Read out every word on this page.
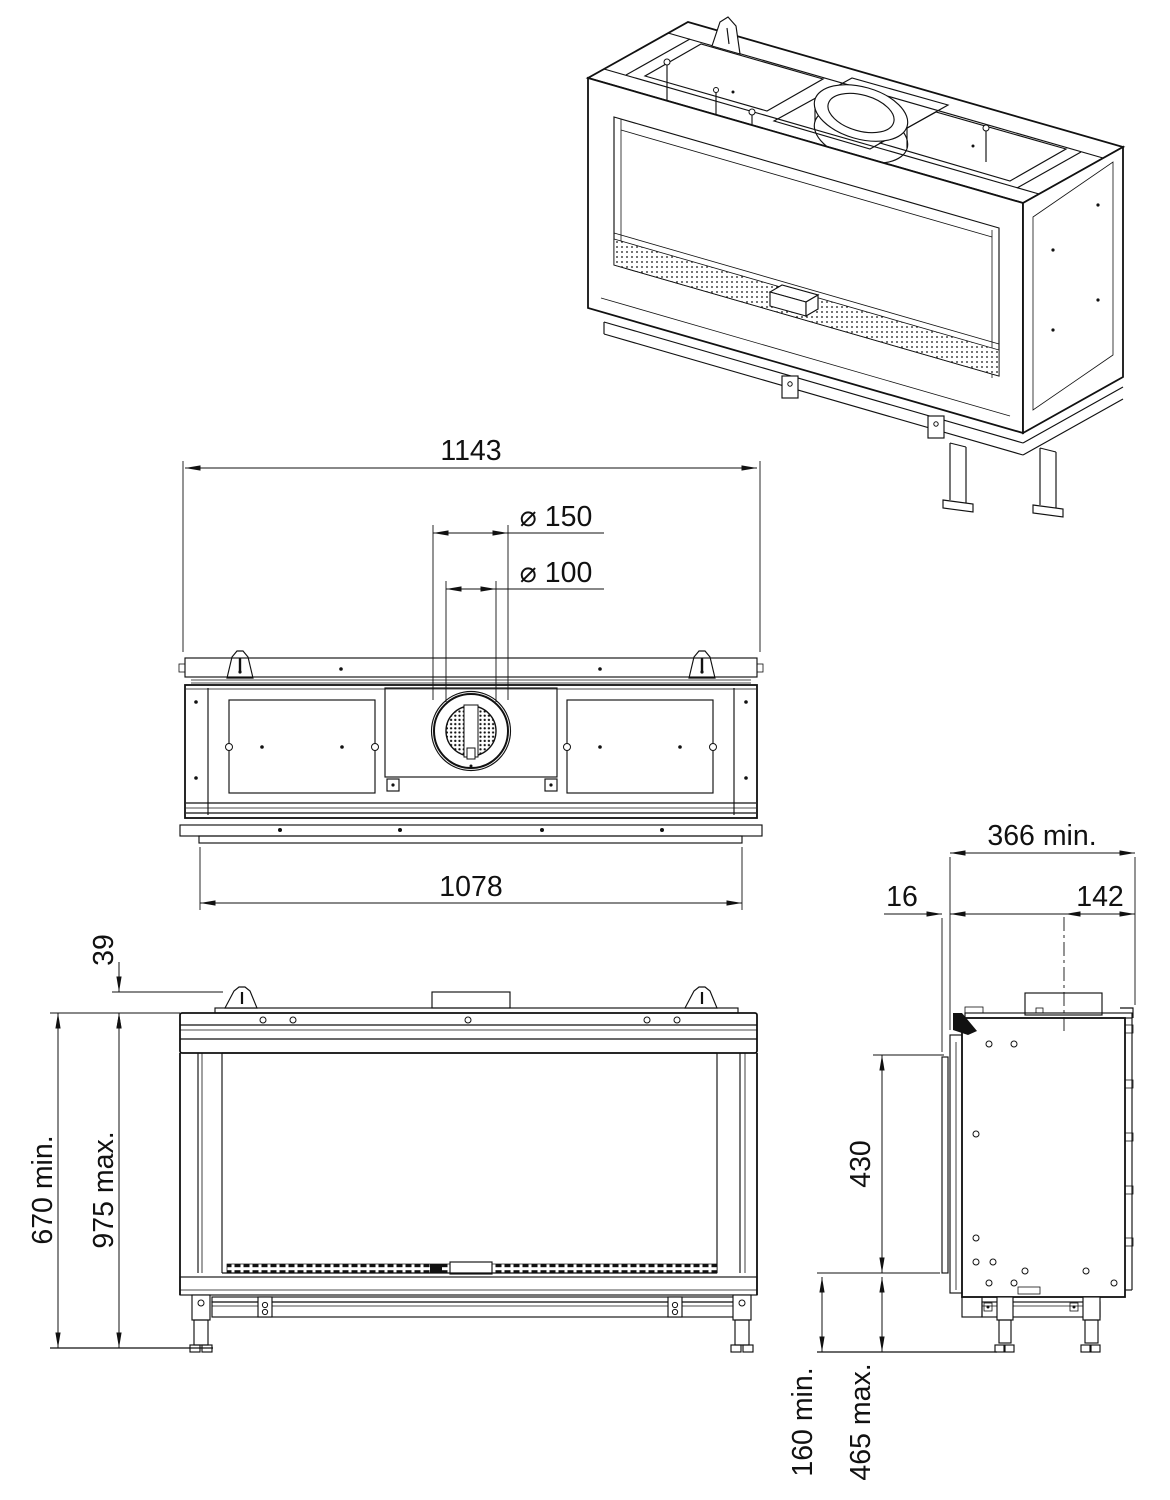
1143
⌀ 150
⌀ 100
1078
39
670 min. 975 max.
366 min.
16	142
430
160 min. 465 max.
